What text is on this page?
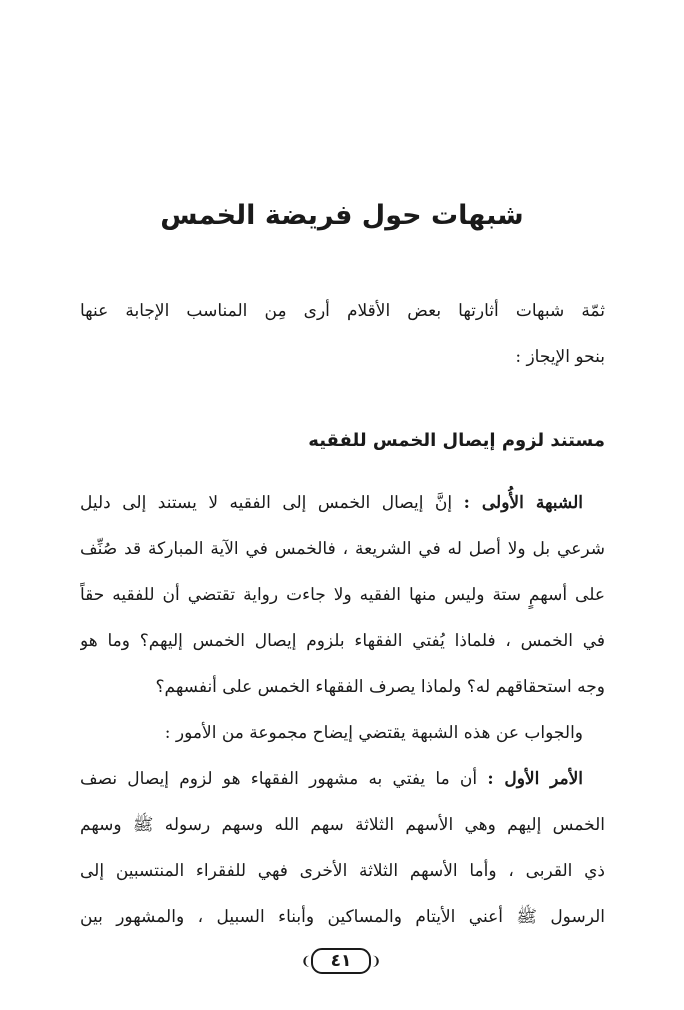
شبهات حول فريضة الخمس
ثمّة شبهات أثارتها بعض الأقلام أرى مِن المناسب الإجابة عنها
بنحو الإيجاز :
مستند لزوم إيصال الخمس للفقيه
الشبهة الأُولى : إنَّ إيصال الخمس إلى الفقيه لا يستند إلى دليل
شرعي بل ولا أصل له في الشريعة ، فالخمس في الآية المباركة قد صُنِّف
على أسهمٍ ستة وليس منها الفقيه ولا جاءت رواية تقتضي أن للفقيه حقاً
في الخمس ، فلماذا يُفتي الفقهاء بلزوم إيصال الخمس إليهم؟ وما هو
وجه استحقاقهم له؟ ولماذا يصرف الفقهاء الخمس على أنفسهم؟
والجواب عن هذه الشبهة يقتضي إيضاح مجموعة من الأمور :
الأمر الأول : أن ما يفتي به مشهور الفقهاء هو لزوم إيصال نصف
الخمس إليهم وهي الأسهم الثلاثة سهم الله وسهم رسوله ﷺ وسهم
ذي القربى ، وأما الأسهم الثلاثة الأخرى فهي للفقراء المنتسبين إلى
الرسول ﷺ أعني الأيتام والمساكين وأبناء السبيل ، والمشهور بين
❨
٤١
❩
